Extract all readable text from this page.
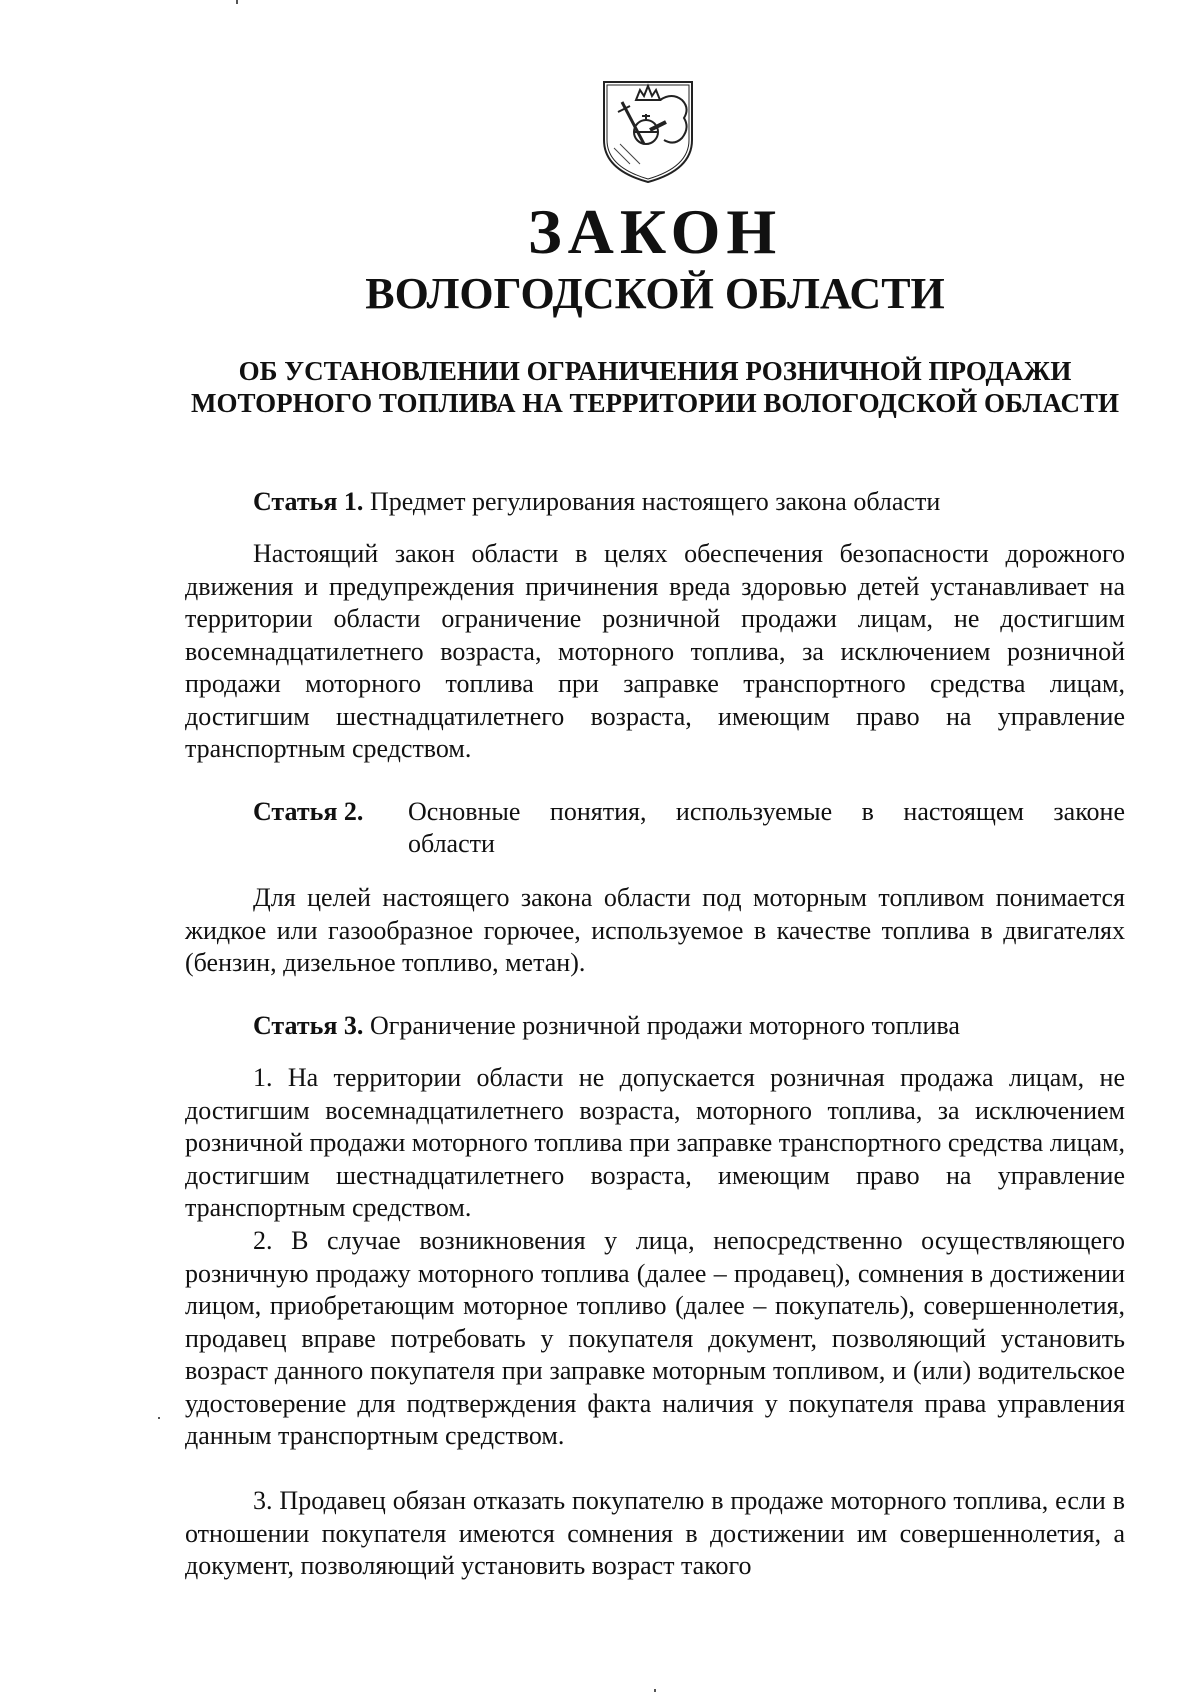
ЗАКОН
ВОЛОГОДСКОЙ ОБЛАСТИ
ОБ УСТАНОВЛЕНИИ ОГРАНИЧЕНИЯ РОЗНИЧНОЙ ПРОДАЖИ МОТОРНОГО ТОПЛИВА НА ТЕРРИТОРИИ ВОЛОГОДСКОЙ ОБЛАСТИ
Статья 1. Предмет регулирования настоящего закона области

Настоящий закон области в целях обеспечения безопасности дорожного движения и предупреждения причинения вреда здоровью детей устанавливает на территории области ограничение розничной продажи лицам, не достигшим восемнадцатилетнего возраста, моторного топлива, за исключением розничной продажи моторного топлива при заправке транспортного средства лицам, достигшим шестнадцатилетнего возраста, имеющим право на управление транспортным средством.

Статья 2.	Основные понятия, используемые в настоящем законе
области

Для целей настоящего закона области под моторным топливом понимается жидкое или газообразное горючее, используемое в качестве топлива в двигателях (бензин, дизельное топливо, метан).

Статья 3. Ограничение розничной продажи моторного топлива

1. На территории области не допускается розничная продажа лицам, не достигшим восемнадцатилетнего возраста, моторного топлива, за исключением розничной продажи моторного топлива при заправке транспортного средства лицам, достигшим шестнадцатилетнего возраста, имеющим право на управление транспортным средством.

2. В случае возникновения у лица, непосредственно осуществляющего розничную продажу моторного топлива (далее – продавец), сомнения в достижении лицом, приобретающим моторное топливо (далее – покупатель), совершеннолетия, продавец вправе потребовать у покупателя документ, позволяющий установить возраст данного покупателя при заправке моторным топливом, и (или) водительское удостоверение для подтверждения факта наличия у покупателя права управления данным транспортным средством.

3. Продавец обязан отказать покупателю в продаже моторного топлива, если в отношении покупателя имеются сомнения в достижении им совершеннолетия, а документ, позволяющий установить возраст такого
